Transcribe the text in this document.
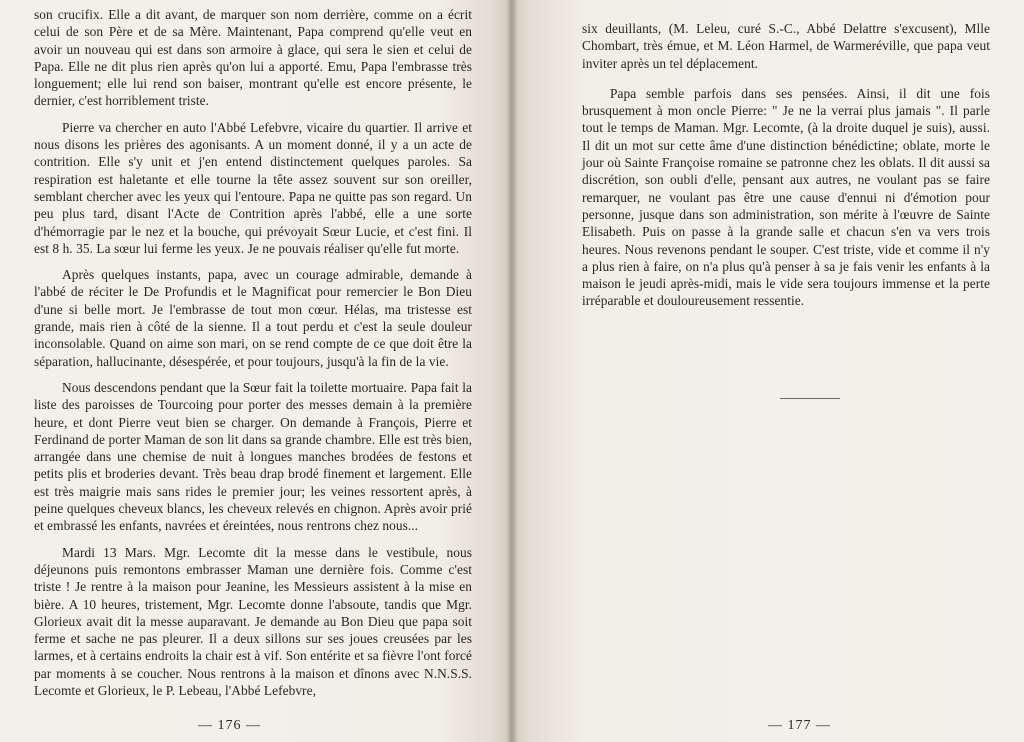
son crucifix. Elle a dit avant, de marquer son nom derrière, comme on a écrit celui de son Père et de sa Mère. Maintenant, Papa comprend qu'elle veut en avoir un nouveau qui est dans son armoire à glace, qui sera le sien et celui de Papa. Elle ne dit plus rien après qu'on lui a apporté. Emu, Papa l'embrasse très longuement; elle lui rend son baiser, montrant qu'elle est encore présente, le dernier, c'est horriblement triste.

Pierre va chercher en auto l'Abbé Lefebvre, vicaire du quartier. Il arrive et nous disons les prières des agonisants. A un moment donné, il y a un acte de contrition. Elle s'y unit et j'en entend distinctement quelques paroles. Sa respiration est haletante et elle tourne la tête assez souvent sur son oreiller, semblant chercher avec les yeux qui l'entoure. Papa ne quitte pas son regard. Un peu plus tard, disant l'Acte de Contrition après l'abbé, elle a une sorte d'hémorragie par le nez et la bouche, qui prévoyait Sœur Lucie, et c'est fini. Il est 8 h. 35. La sœur lui ferme les yeux. Je ne pouvais réaliser qu'elle fut morte.

Après quelques instants, papa, avec un courage admirable, demande à l'abbé de réciter le De Profundis et le Magnificat pour remercier le Bon Dieu d'une si belle mort. Je l'embrasse de tout mon cœur. Hélas, ma tristesse est grande, mais rien à côté de la sienne. Il a tout perdu et c'est la seule douleur inconsolable. Quand on aime son mari, on se rend compte de ce que doit être la séparation, hallucinante, désespérée, et pour toujours, jusqu'à la fin de la vie.

Nous descendons pendant que la Sœur fait la toilette mortuaire. Papa fait la liste des paroisses de Tourcoing pour porter des messes demain à la première heure, et dont Pierre veut bien se charger. On demande à François, Pierre et Ferdinand de porter Maman de son lit dans sa grande chambre. Elle est très bien, arrangée dans une chemise de nuit à longues manches brodées de festons et petits plis et broderies devant. Très beau drap brodé finement et largement. Elle est très maigrie mais sans rides le premier jour; les veines ressortent après, à peine quelques cheveux blancs, les cheveux relevés en chignon. Après avoir prié et embrassé les enfants, navrées et éreintées, nous rentrons chez nous...

Mardi 13 Mars. Mgr. Lecomte dit la messe dans le vestibule, nous déjeunons puis remontons embrasser Maman une dernière fois. Comme c'est triste ! Je rentre à la maison pour Jeanine, les Messieurs assistent à la mise en bière. A 10 heures, tristement, Mgr. Lecomte donne l'absoute, tandis que Mgr. Glorieux avait dit la messe auparavant. Je demande au Bon Dieu que papa soit ferme et sache ne pas pleurer. Il a deux sillons sur ses joues creusées par les larmes, et à certains endroits la chair est à vif. Son entérite et sa fièvre l'ont forcé par moments à se coucher. Nous rentrons à la maison et dînons avec N.N.S.S. Lecomte et Glorieux, le P. Lebeau, l'Abbé Lefebvre,

— 176 —

six deuillants, (M. Leleu, curé S.-C., Abbé Delattre s'excusent), Mlle Chombart, très émue, et M. Léon Harmel, de Warmeréville, que papa veut inviter après un tel déplacement.

Papa semble parfois dans ses pensées. Ainsi, il dit une fois brusquement à mon oncle Pierre: " Je ne la verrai plus jamais ". Il parle tout le temps de Maman. Mgr. Lecomte, (à la droite duquel je suis), aussi. Il dit un mot sur cette âme d'une distinction bénédictine; oblate, morte le jour où Sainte Françoise romaine se patronne chez les oblats. Il dit aussi sa discrétion, son oubli d'elle, pensant aux autres, ne voulant pas se faire remarquer, ne voulant pas être une cause d'ennui ni d'émotion pour personne, jusque dans son administration, son mérite à l'œuvre de Sainte Elisabeth. Puis on passe à la grande salle et chacun s'en va vers trois heures. Nous revenons pendant le souper. C'est triste, vide et comme il n'y a plus rien à faire, on n'a plus qu'à penser à sa je fais venir les enfants à la maison le jeudi après-midi, mais le vide sera toujours immense et la perte irréparable et douloureusement ressentie.

— 177 —
